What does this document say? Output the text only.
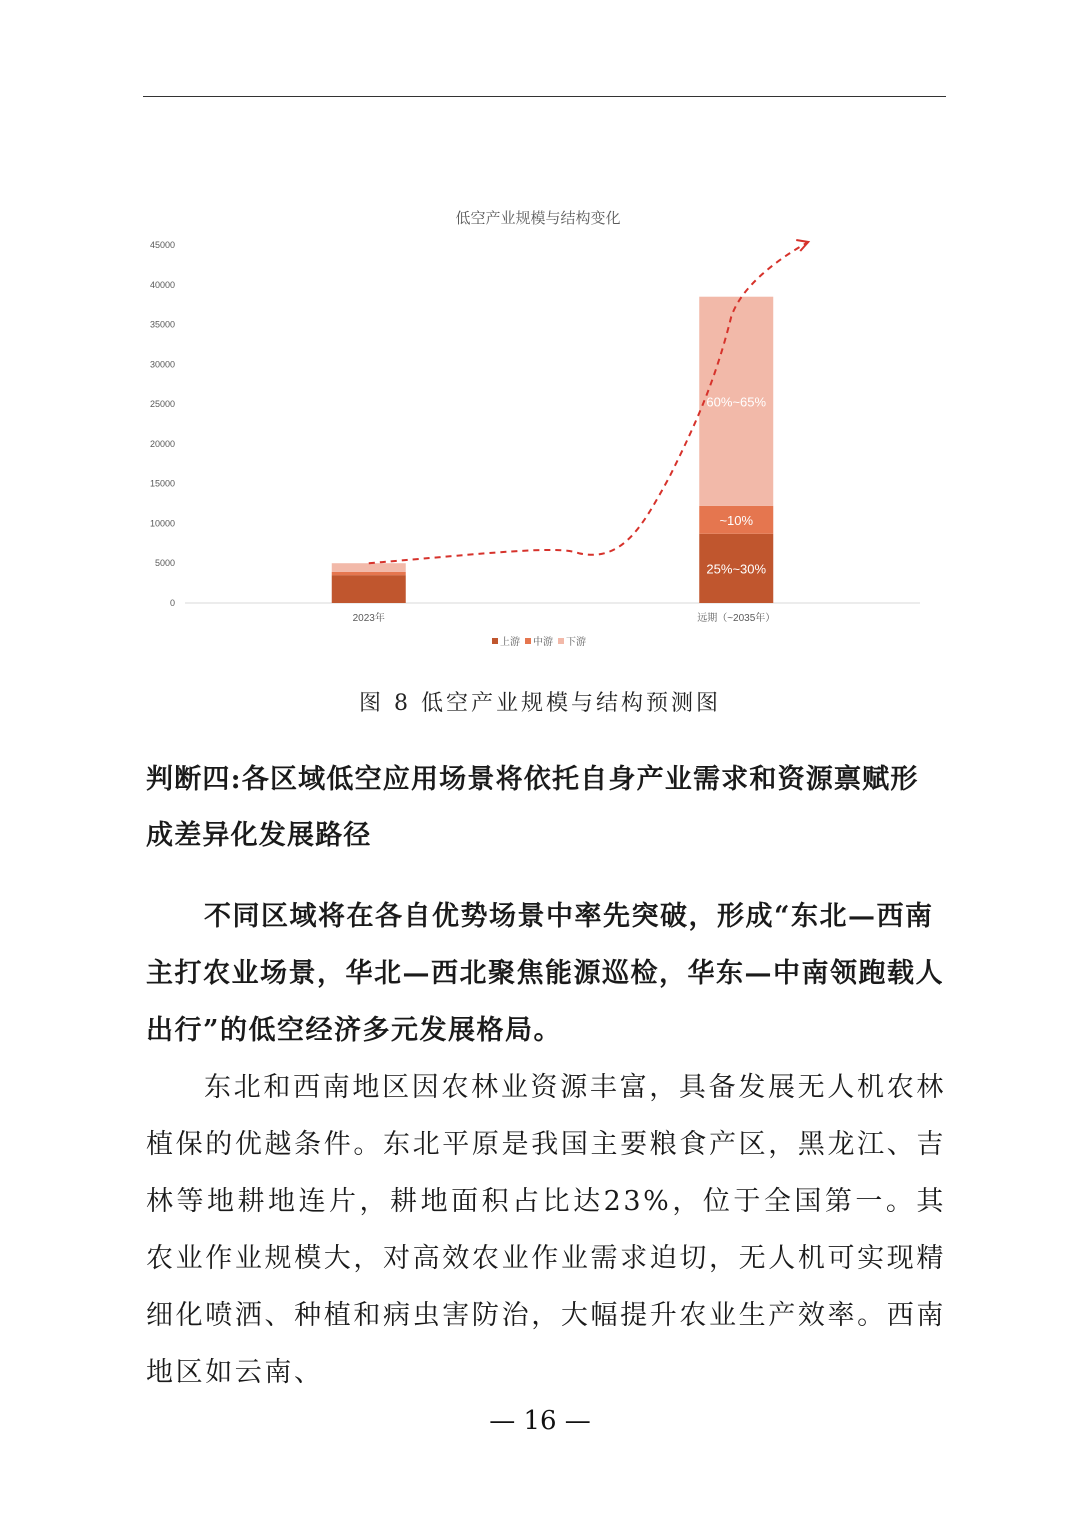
低空产业规模与结构变化
0
5000
10000
15000
20000
25000
30000
35000
40000
45000
2023年
25%~30%
~10%
60%~65%
远期（~2035年）
上游 中游 下游
图 8 低空产业规模与结构预测图
判断四:各区域低空应用场景将依托自身产业需求和资源禀赋形成差异化发展路径
不同区域将在各自优势场景中率先突破，形成“东北—西南主打农业场景，华北—西北聚焦能源巡检，华东—中南领跑载人出行”的低空经济多元发展格局。
东北和西南地区因农林业资源丰富，具备发展无人机农林植保的优越条件。东北平原是我国主要粮食产区，黑龙江、吉林等地耕地连片，耕地面积占比达23%，位于全国第一。其农业作业规模大，对高效农业作业需求迫切，无人机可实现精细化喷洒、种植和病虫害防治，大幅提升农业生产效率。西南地区如云南、
— 16 —
